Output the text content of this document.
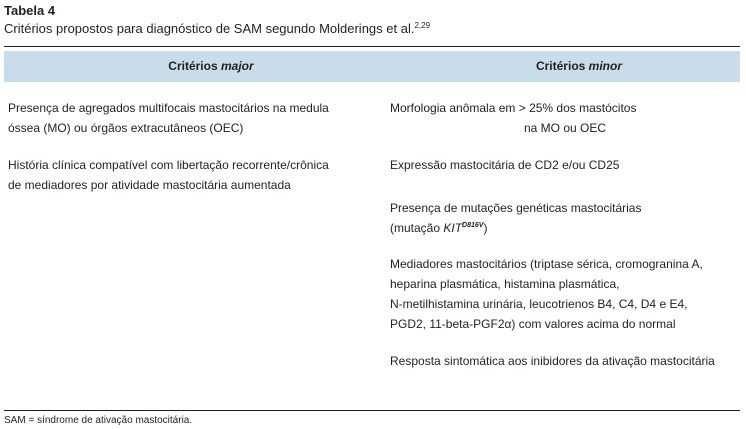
Tabela 4
Critérios propostos para diagnóstico de SAM segundo Molderings et al.$^{2,29}$
Critérios major	Critérios minor
Presença de agregados multifocais mastocitários na medula
óssea (MO) ou órgãos extracutâneos (OEC)
História clínica compatível com libertação recorrente/crônica
de mediadores por atividade mastocitária aumentada
Morfologia anômala em > 25% dos mastócitos
na MO ou OEC
Expressão mastocitária de CD2 e/ou CD25
Presença de mutações genéticas mastocitárias
(mutação $KIT^{D816V}$)
Mediadores mastocitários (triptase sérica, cromogranina A,
heparina plasmática, histamina plasmática,
N-metilhistamina urinária, leucotrienos B4, C4, D4 e E4,
PGD2, 11-beta-PGF2α) com valores acima do normal
Resposta sintomática aos inibidores da ativação mastocitária
SAM = síndrome de ativação mastocitária.
